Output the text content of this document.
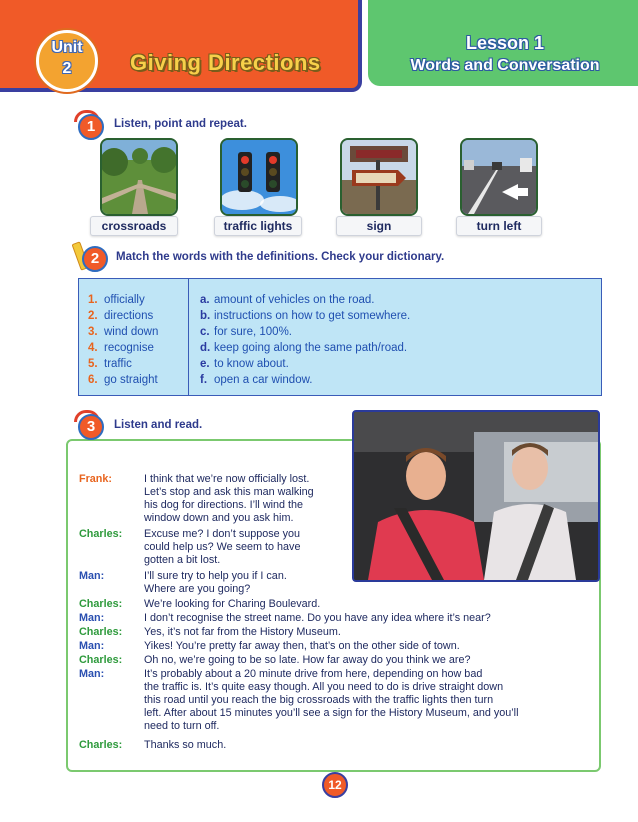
Unit
2	Giving Directions
Lesson 1
Words and Conversation
1	Listen, point and repeat.
crossroads	traffic lights	sign	turn left
2	Match the words with the definitions. Check your dictionary.
1. officially
2. directions
3. wind down
4. recognise
5. traffic
6. go straight
a. amount of vehicles on the road.
b. instructions on how to get somewhere.
c. for sure, 100%.
d. keep going along the same path/road.
e. to know about.
f. open a car window.
3	Listen and read.
Frank:	I think that we’re now officially lost.
Let’s stop and ask this man walking
his dog for directions. I’ll wind the
window down and you ask him.
Charles: Excuse me? I don’t suppose you
could help us? We seem to have
gotten a bit lost.
Man:	I’ll sure try to help you if I can.
Where are you going?
Charles: We’re looking for Charing Boulevard.
Man:	I don’t recognise the street name. Do you have any idea where it’s near?
Charles: Yes, it’s not far from the History Museum.
Man:	Yikes! You’re pretty far away then, that’s on the other side of town.
Charles: Oh no, we’re going to be so late. How far away do you think we are?
Man:	It’s probably about a 20 minute drive from here, depending on how bad
the traffic is. It’s quite easy though. All you need to do is drive straight down
this road until you reach the big crossroads with the traffic lights then turn
left. After about 15 minutes you’ll see a sign for the History Museum, and you’ll
need to turn off.
Charles: Thanks so much.
12
